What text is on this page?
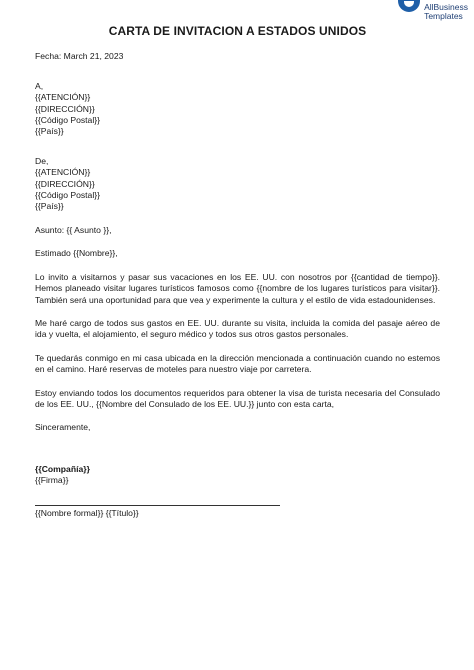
AllBusiness
Templates

CARTA DE INVITACION A ESTADOS UNIDOS

Fecha: March 21, 2023

A,

{{ATENCIÓN}}

{{DIRECCIÓN}}

{{Código Postal}}

{{País}}

De,

{{ATENCIÓN}}

{{DIRECCIÓN}}

{{Código Postal}}

{{País}}

Asunto: {{ Asunto }},

Estimado {{Nombre}},

Lo invito a visitarnos y pasar sus vacaciones en los EE. UU. con nosotros por {{cantidad de tiempo}}. Hemos planeado visitar lugares turísticos famosos como {{nombre de los lugares turísticos para visitar}}. También será una oportunidad para que vea y experimente la cultura y el estilo de vida estadounidenses.

Me haré cargo de todos sus gastos en EE. UU. durante su visita, incluida la comida del pasaje aéreo de ida y vuelta, el alojamiento, el seguro médico y todos sus otros gastos personales.

Te quedarás conmigo en mi casa ubicada en la dirección mencionada a continuación cuando no estemos en el camino. Haré reservas de moteles para nuestro viaje por carretera.

Estoy enviando todos los documentos requeridos para obtener la visa de turista necesaria del Consulado de los EE. UU., {{Nombre del Consulado de los EE. UU.}} junto con esta carta,

Sinceramente,

{{Compañía}}

{{Firma}}

{{Nombre formal}} {{Título}}
